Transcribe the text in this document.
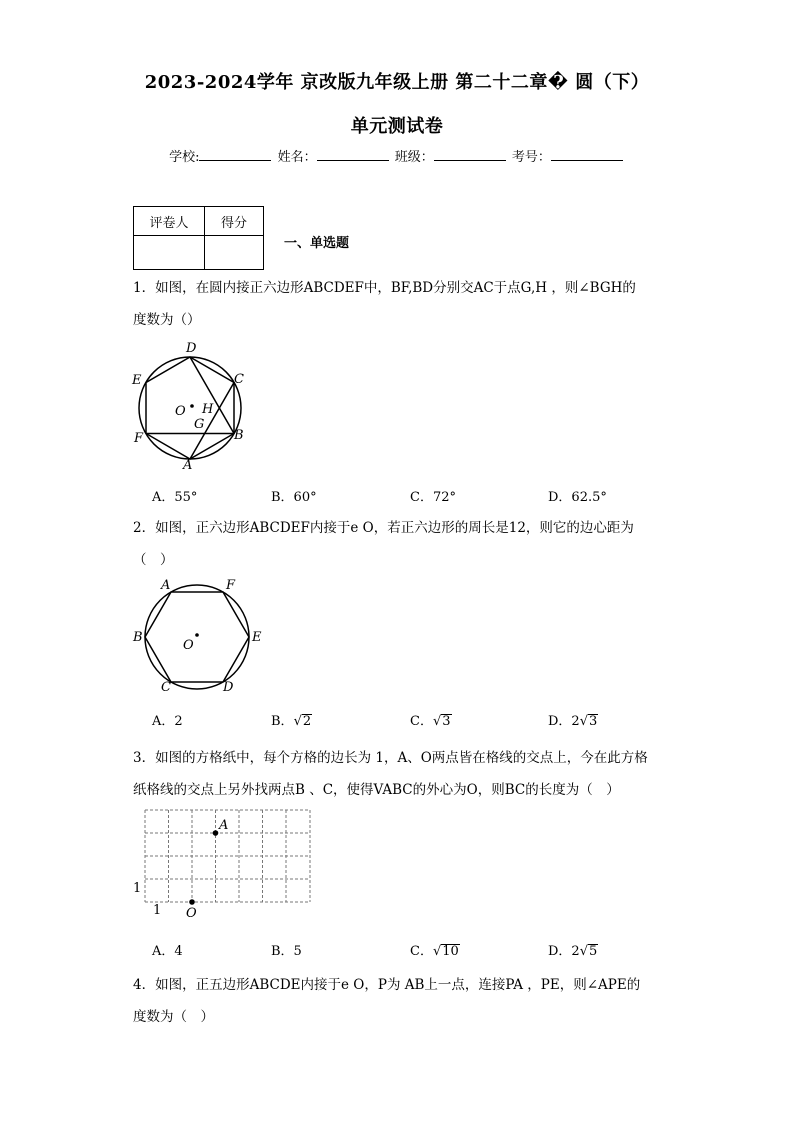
2023-2024学年 京改版九年级上册 第二十二章� 圆（下）
单元测试卷
学校:	姓名：	班级：	考号：
评卷人	得分

一、单选题
1．如图，在圆内接正六边形ABCDEF中，BF,BD分别交AC于点G,H ，则∠BGH的
度数为（）
D
E	C
O H
F
G
B
A
A．55°	B．60°	C．72°	D．62.5°
2．如图，正六边形ABCDEF内接于e O，若正六边形的周长是12，则它的边心距为
（　）
A	F
B	E
O
C	D
A．2	B．√2	C．√3	D．2√3
3．如图的方格纸中，每个方格的边长为 1，A、O两点皆在格线的交点上，今在此方格
纸格线的交点上另外找两点B 、C，使得VABC的外心为O，则BC的长度为（　）
A
O
1
1
A．4	B．5	C．√10	D．2√5
4．如图，正五边形ABCDE内接于e O，P为 AB上一点，连接PA ，PE，则∠APE的
度数为（　）
